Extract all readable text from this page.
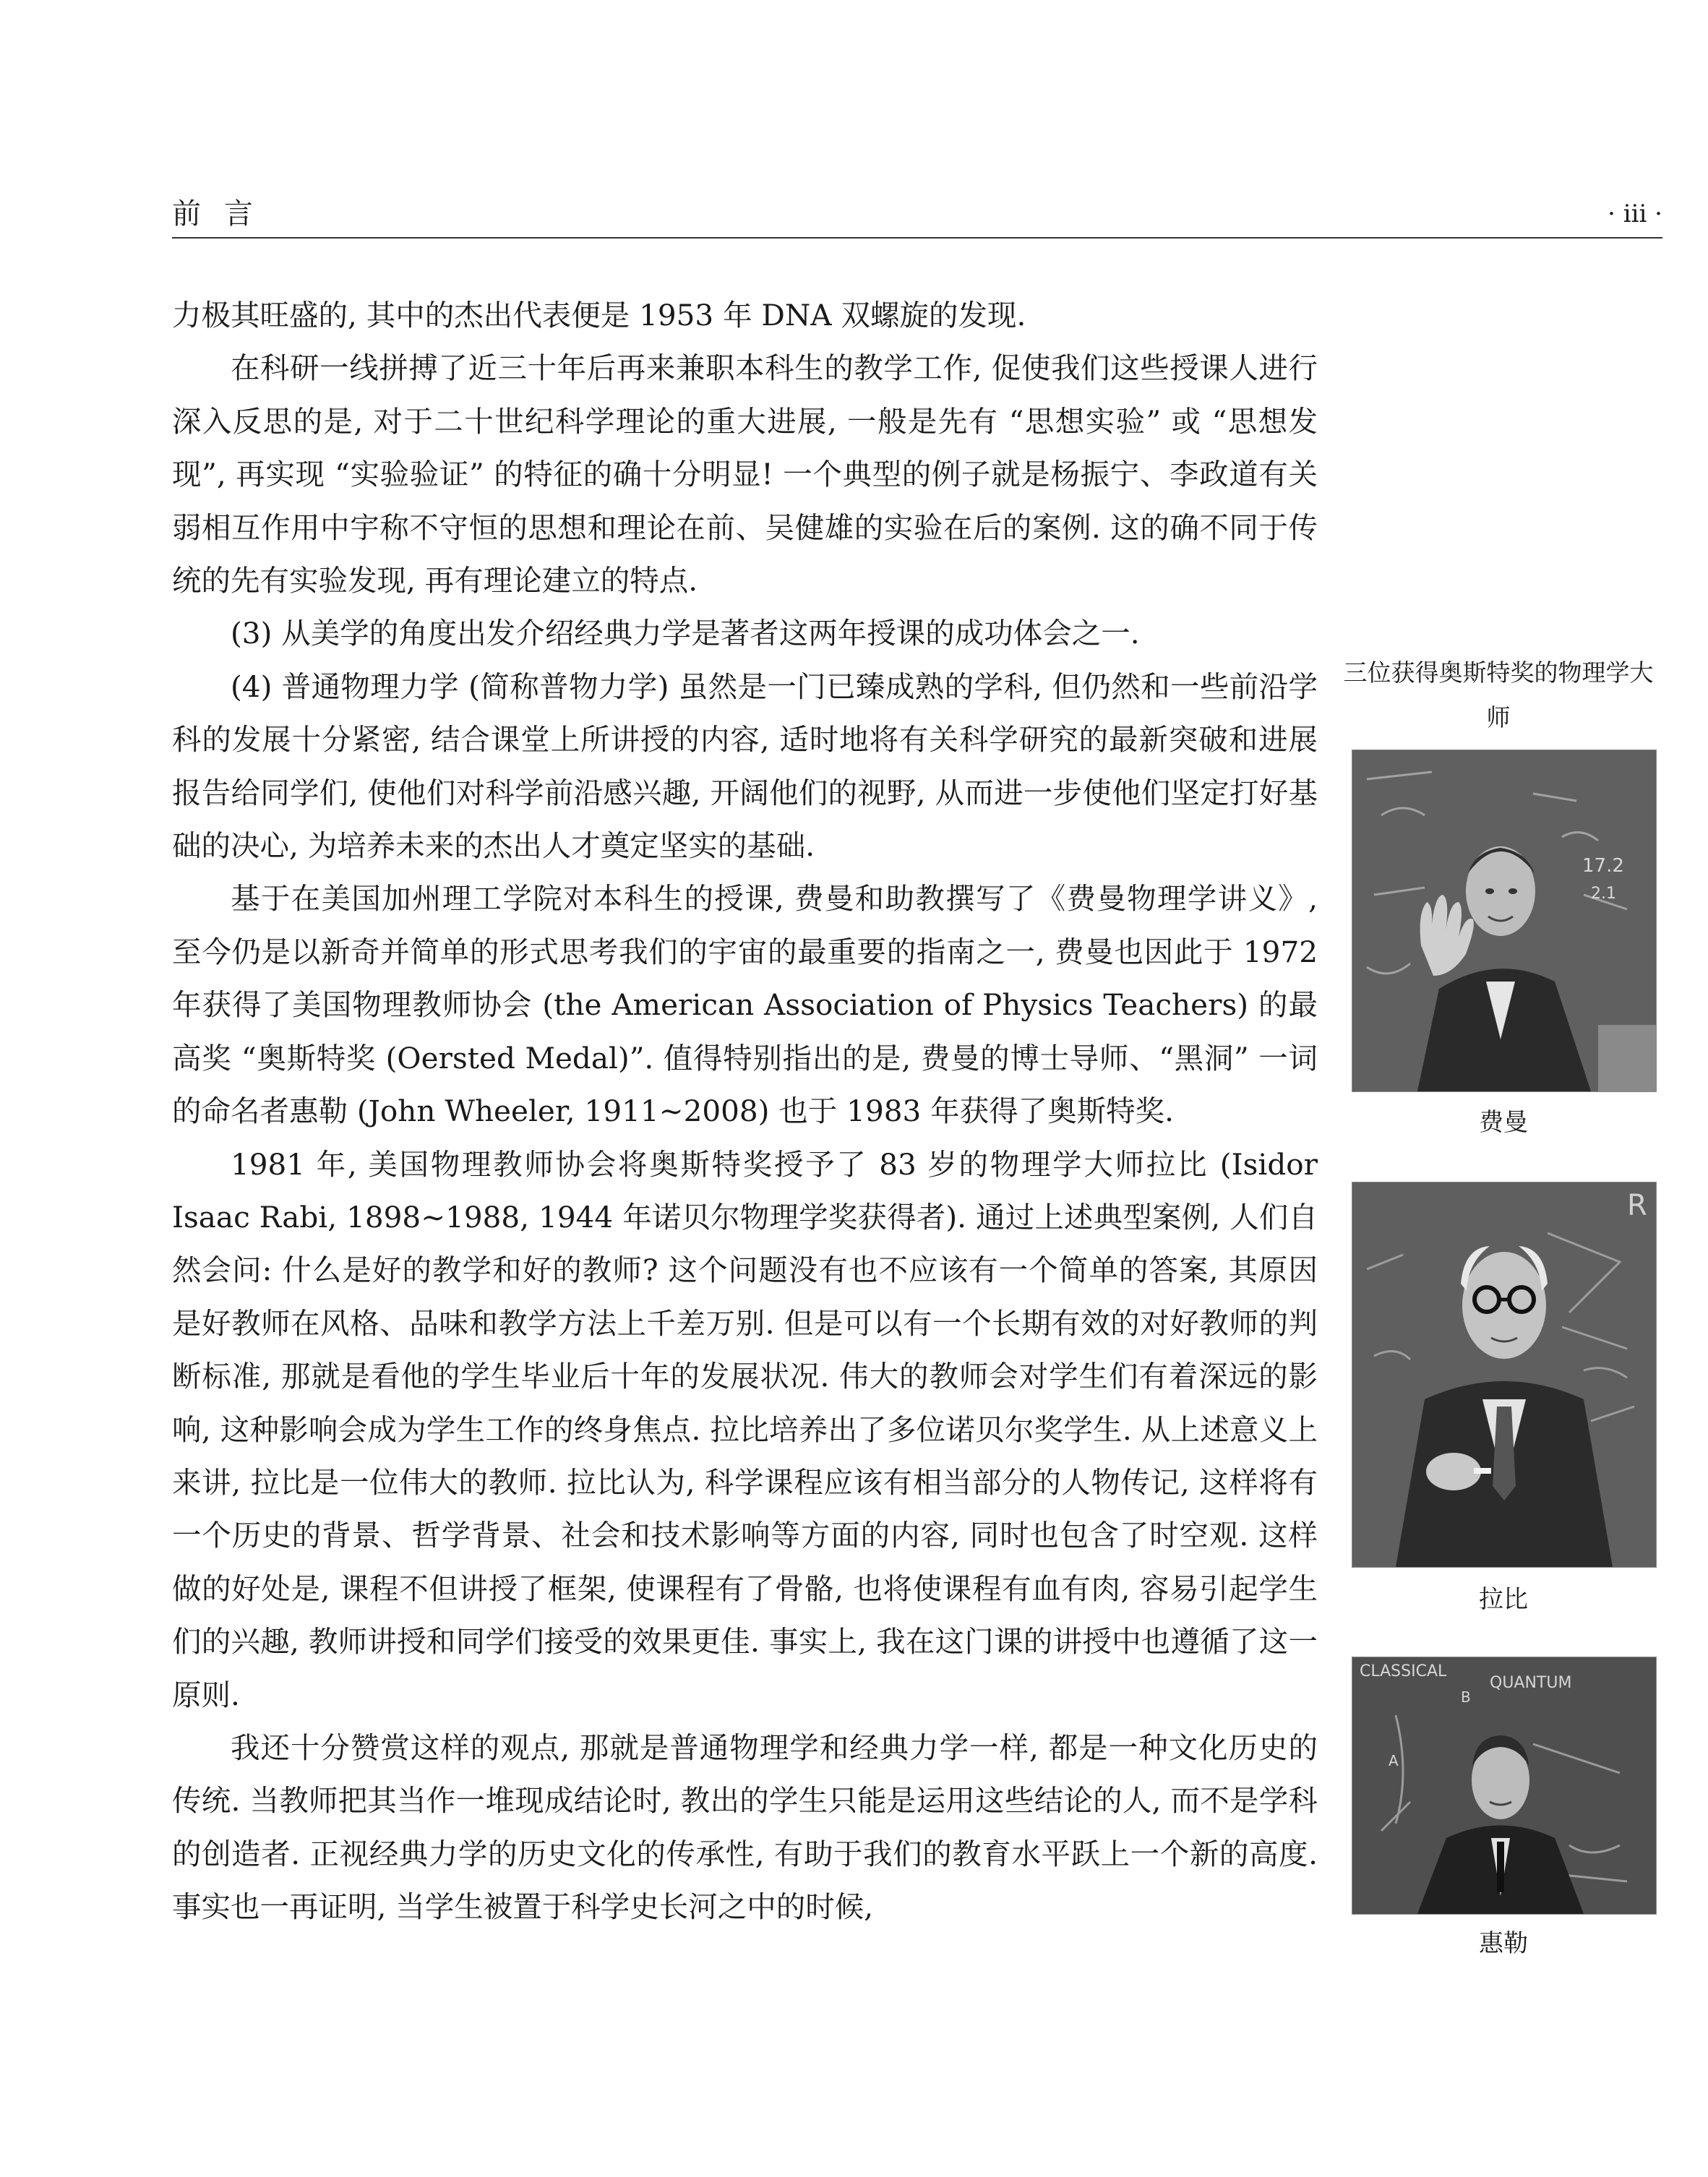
前言	· iii ·

力极其旺盛的, 其中的杰出代表便是 1953 年 DNA 双螺旋的发现.

在科研一线拼搏了近三十年后再来兼职本科生的教学工作, 促使我们这些授课人进行深入反思的是, 对于二十世纪科学理论的重大进展, 一般是先有 “思想实验” 或 “思想发现”, 再实现 “实验验证” 的特征的确十分明显! 一个典型的例子就是杨振宁、李政道有关弱相互作用中宇称不守恒的思想和理论在前、吴健雄的实验在后的案例. 这的确不同于传统的先有实验发现, 再有理论建立的特点.

(3) 从美学的角度出发介绍经典力学是著者这两年授课的成功体会之一.

(4) 普通物理力学 (简称普物力学) 虽然是一门已臻成熟的学科, 但仍然和一些前沿学科的发展十分紧密, 结合课堂上所讲授的内容, 适时地将有关科学研究的最新突破和进展报告给同学们, 使他们对科学前沿感兴趣, 开阔他们的视野, 从而进一步使他们坚定打好基础的决心, 为培养未来的杰出人才奠定坚实的基础.

基于在美国加州理工学院对本科生的授课, 费曼和助教撰写了《费曼物理学讲义》, 至今仍是以新奇并简单的形式思考我们的宇宙的最重要的指南之一, 费曼也因此于 1972 年获得了美国物理教师协会 (the American Association of Physics Teachers) 的最高奖 “奥斯特奖 (Oersted Medal)”. 值得特别指出的是, 费曼的博士导师、“黑洞” 一词的命名者惠勒 (John Wheeler, 1911∼2008) 也于 1983 年获得了奥斯特奖.

1981 年, 美国物理教师协会将奥斯特奖授予了 83 岁的物理学大师拉比 (Isidor Isaac Rabi, 1898∼1988, 1944 年诺贝尔物理学奖获得者). 通过上述典型案例, 人们自然会问: 什么是好的教学和好的教师? 这个问题没有也不应该有一个简单的答案, 其原因是好教师在风格、品味和教学方法上千差万别. 但是可以有一个长期有效的对好教师的判断标准, 那就是看他的学生毕业后十年的发展状况. 伟大的教师会对学生们有着深远的影响, 这种影响会成为学生工作的终身焦点. 拉比培养出了多位诺贝尔奖学生. 从上述意义上来讲, 拉比是一位伟大的教师. 拉比认为, 科学课程应该有相当部分的人物传记, 这样将有一个历史的背景、哲学背景、社会和技术影响等方面的内容, 同时也包含了时空观. 这样做的好处是, 课程不但讲授了框架, 使课程有了骨骼, 也将使课程有血有肉, 容易引起学生们的兴趣, 教师讲授和同学们接受的效果更佳. 事实上, 我在这门课的讲授中也遵循了这一原则.

我还十分赞赏这样的观点, 那就是普通物理学和经典力学一样, 都是一种文化历史的传统. 当教师把其当作一堆现成结论时, 教出的学生只能是运用这些结论的人, 而不是学科的创造者. 正视经典力学的历史文化的传承性, 有助于我们的教育水平跃上一个新的高度. 事实也一再证明, 当学生被置于科学史长河之中的时候,

三位获得奥斯特奖的物理学大师
17.2
2.1
费曼
R
拉比
CLASSICAL
QUANTUM
B
A
惠勒
